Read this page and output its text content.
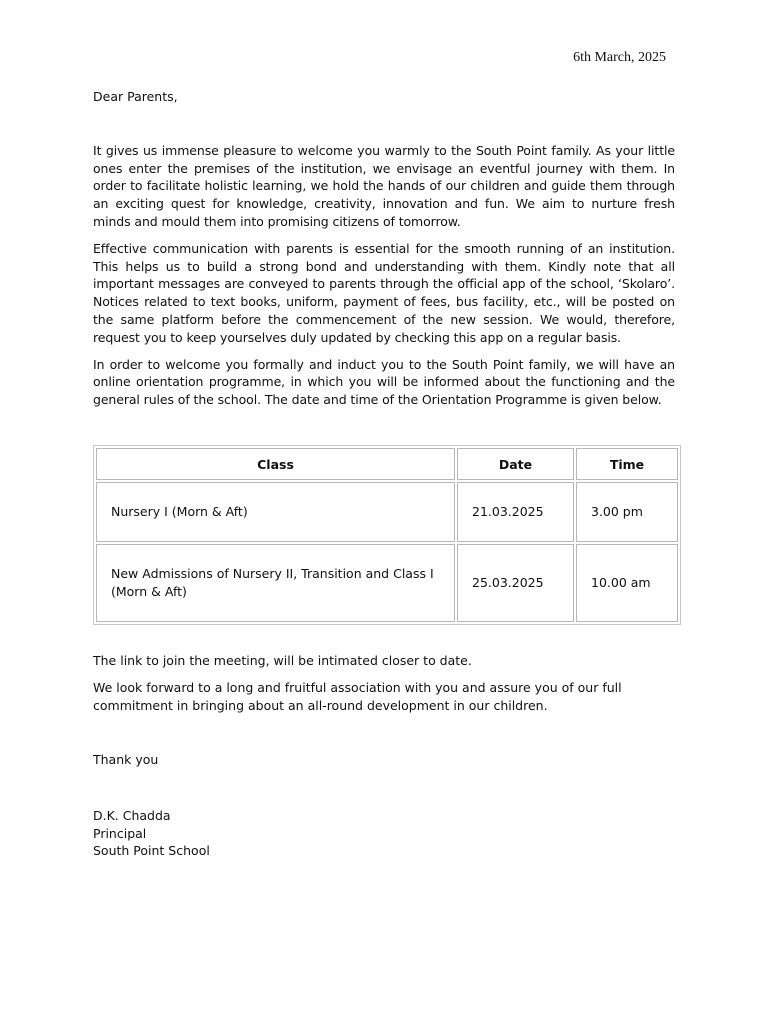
6th March, 2025
Dear Parents,

It gives us immense pleasure to welcome you warmly to the South Point family. As your little ones enter the premises of the institution, we envisage an eventful journey with them. In order to facilitate holistic learning, we hold the hands of our children and guide them through an exciting quest for knowledge, creativity, innovation and fun. We aim to nurture fresh minds and mould them into promising citizens of tomorrow.

Effective communication with parents is essential for the smooth running of an institution. This helps us to build a strong bond and understanding with them. Kindly note that all important messages are conveyed to parents through the official app of the school, ‘Skolaro’. Notices related to text books, uniform, payment of fees, bus facility, etc., will be posted on the same platform before the commencement of the new session. We would, therefore, request you to keep yourselves duly updated by checking this app on a regular basis.

In order to welcome you formally and induct you to the South Point family, we will have an online orientation programme, in which you will be informed about the functioning and the general rules of the school. The date and time of the Orientation Programme is given below.

Class	Date	Time
Nursery I (Morn & Aft)	21.03.2025	3.00 pm
New Admissions of Nursery II, Transition and Class I (Morn & Aft)	25.03.2025	10.00 am

The link to join the meeting, will be intimated closer to date.

We look forward to a long and fruitful association with you and assure you of our full commitment in bringing about an all-round development in our children.

Thank you
D.K. Chadda
Principal
South Point School
